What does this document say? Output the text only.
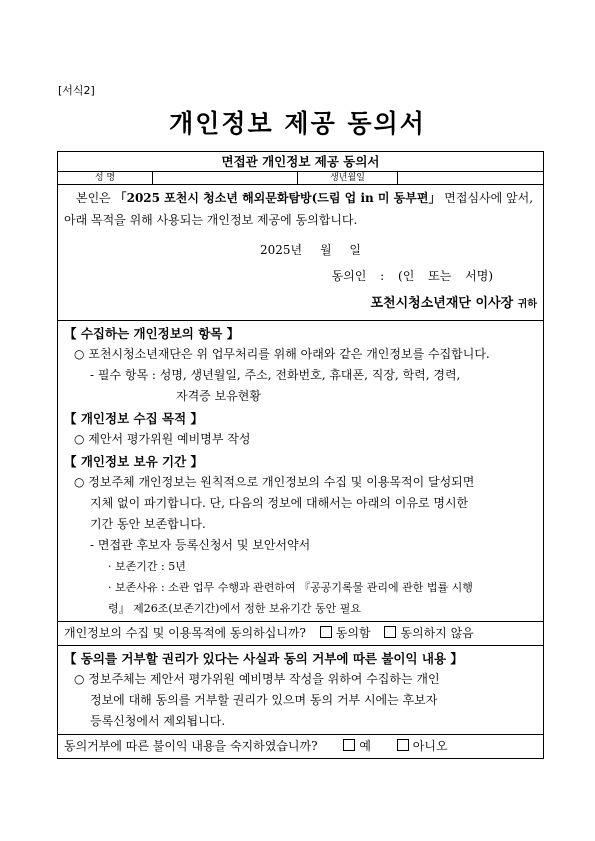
[서식2]
개인정보 제공 동의서
면접관 개인정보 제공 동의서
성 명	생년월일

본인은 「2025 포천시 청소년 해외문화탐방(드림 업 in 미 동부편」 면접심사에 앞서, 아래 목적을 위해 사용되는 개인정보 제공에 동의합니다.

2025년 월 일

동의인 : (인 또는 서명)

포천시청소년재단 이사장 귀하

【 수집하는 개인정보의 항목 】

○ 포천시청소년재단은 위 업무처리를 위해 아래와 같은 개인정보를 수집합니다.

- 필수 항목 : 성명, 생년월일, 주소, 전화번호, 휴대폰, 직장, 학력, 경력,

자격증 보유현황

【 개인정보 수집 목적 】

○ 제안서 평가위원 예비명부 작성

【 개인정보 보유 기간 】

○ 정보주체 개인정보는 원칙적으로 개인정보의 수집 및 이용목적이 달성되면

지체 없이 파기합니다. 단, 다음의 정보에 대해서는 아래의 이유로 명시한

기간 동안 보존합니다.

- 면접관 후보자 등록신청서 및 보안서약서

· 보존기간 : 5년

· 보존사유 : 소관 업무 수행과 관련하여 『공공기록물 관리에 관한 법률 시행

령』 제26조(보존기간)에서 정한 보유기간 동안 필요

개인정보의 수집 및 이용목적에 동의하십니까? 동의함 동의하지 않음

【 동의를 거부할 권리가 있다는 사실과 동의 거부에 따른 불이익 내용 】

○ 정보주체는 제안서 평가위원 예비명부 작성을 위하여 수집하는 개인

정보에 대해 동의를 거부할 권리가 있으며 동의 거부 시에는 후보자

등록신청에서 제외됩니다.

동의거부에 따른 불이익 내용을 숙지하였습니까?	예	아니오
